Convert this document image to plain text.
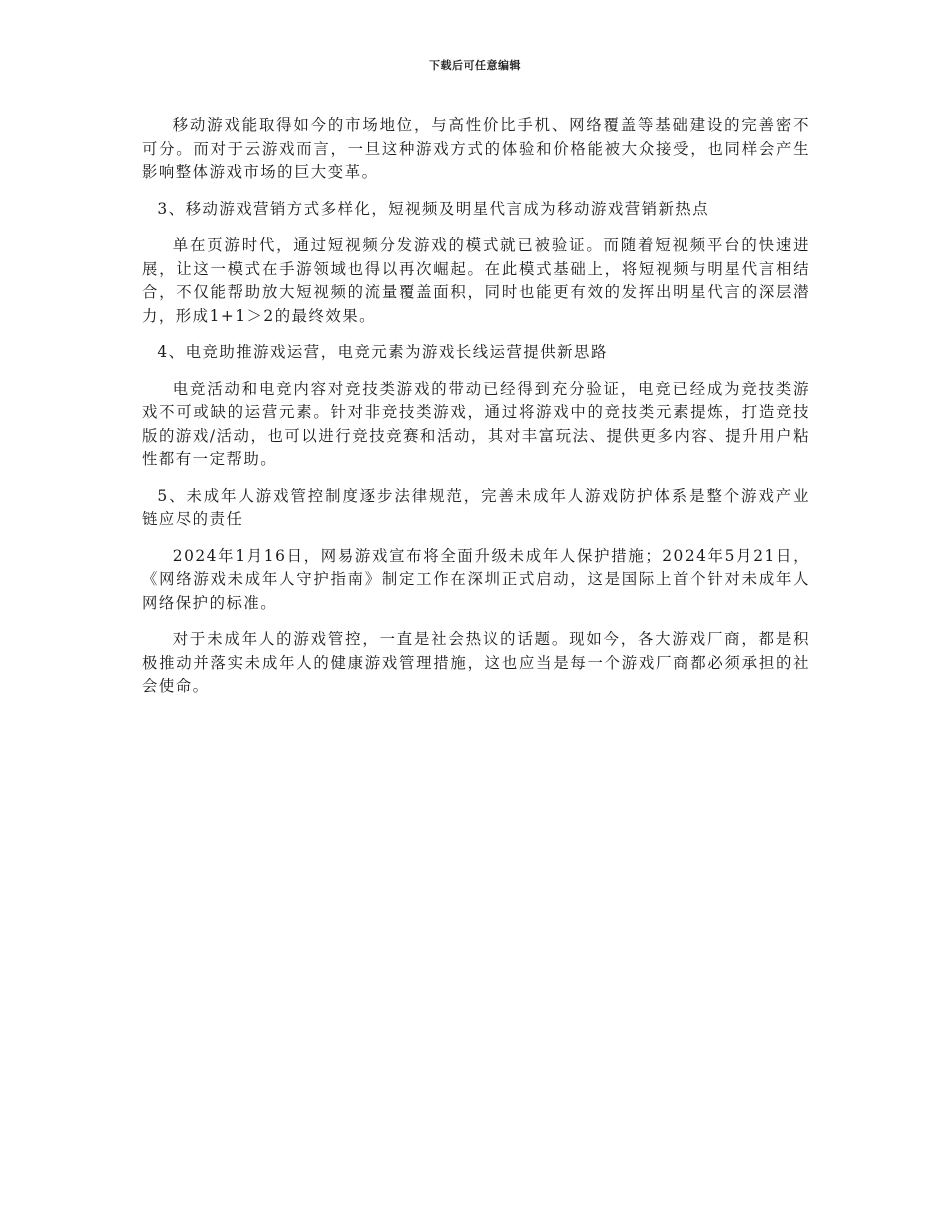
下载后可任意编辑

移动游戏能取得如今的市场地位，与高性价比手机、网络覆盖等基础建设的完善密不可分。而对于云游戏而言，一旦这种游戏方式的体验和价格能被大众接受，也同样会产生影响整体游戏市场的巨大变革。

3、移动游戏营销方式多样化，短视频及明星代言成为移动游戏营销新热点

单在页游时代，通过短视频分发游戏的模式就已被验证。而随着短视频平台的快速进展，让这一模式在手游领域也得以再次崛起。在此模式基础上，将短视频与明星代言相结合，不仅能帮助放大短视频的流量覆盖面积，同时也能更有效的发挥出明星代言的深层潜力，形成1+1＞2的最终效果。

4、电竞助推游戏运营，电竞元素为游戏长线运营提供新思路

电竞活动和电竞内容对竞技类游戏的带动已经得到充分验证，电竞已经成为竞技类游戏不可或缺的运营元素。针对非竞技类游戏，通过将游戏中的竞技类元素提炼，打造竞技版的游戏/活动，也可以进行竞技竞赛和活动，其对丰富玩法、提供更多内容、提升用户粘性都有一定帮助。

5、未成年人游戏管控制度逐步法律规范，完善未成年人游戏防护体系是整个游戏产业链应尽的责任

2024年1月16日，网易游戏宣布将全面升级未成年人保护措施；2024年5月21日，《网络游戏未成年人守护指南》制定工作在深圳正式启动，这是国际上首个针对未成年人网络保护的标准。

对于未成年人的游戏管控，一直是社会热议的话题。现如今，各大游戏厂商，都是积极推动并落实未成年人的健康游戏管理措施，这也应当是每一个游戏厂商都必须承担的社会使命。
